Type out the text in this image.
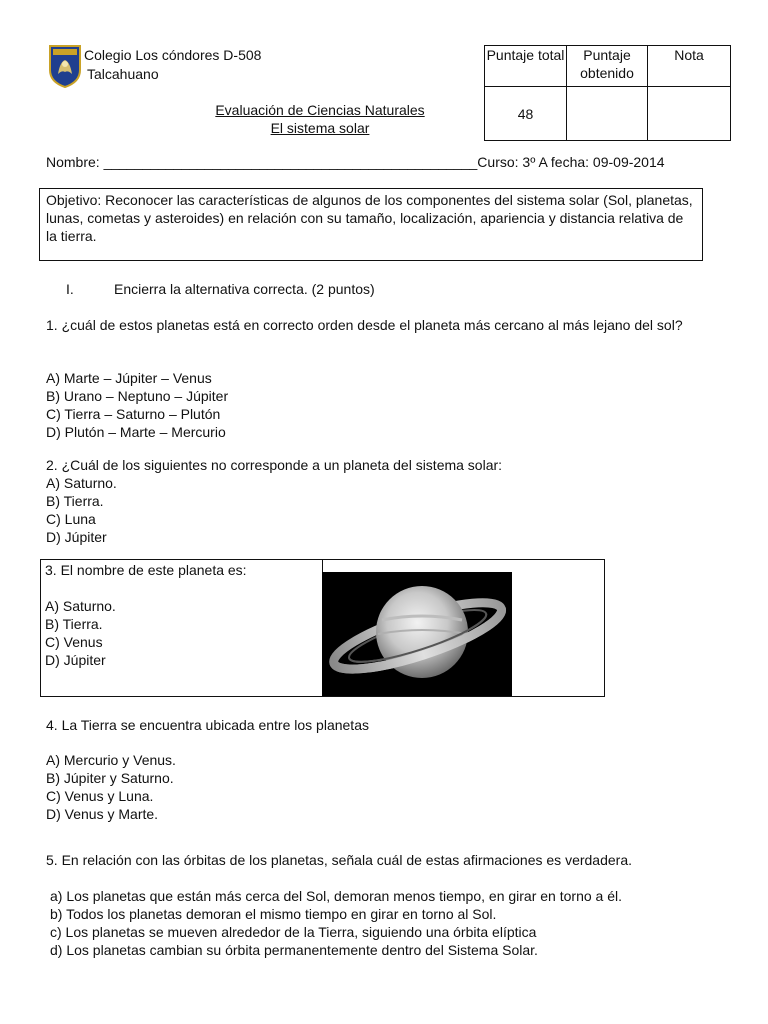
Colegio Los cóndores D-508
Talcahuano
Evaluación de Ciencias Naturales
El sistema solar
Puntaje total	Puntaje obtenido	Nota
48		
Nombre: ________________________________________________Curso: 3º A fecha: 09-09-2014
Objetivo: Reconocer las características de algunos de los componentes del sistema solar (Sol, planetas, lunas, cometas y asteroides) en relación con su tamaño, localización, apariencia y distancia relativa de la tierra.
I.	Encierra la alternativa correcta. (2 puntos)
1. ¿cuál de estos planetas está en correcto orden desde el planeta más cercano al más lejano del sol?
A) Marte – Júpiter – Venus
B) Urano – Neptuno – Júpiter
C) Tierra – Saturno – Plutón
D) Plutón – Marte – Mercurio
2. ¿Cuál de los siguientes no corresponde a un planeta del sistema solar:
A) Saturno.
B) Tierra.
C) Luna
D) Júpiter
3. El nombre de este planeta es:
A) Saturno.
B) Tierra.
C) Venus
D) Júpiter
4. La Tierra se encuentra ubicada entre los planetas
A) Mercurio y Venus.
B) Júpiter y Saturno.
C) Venus y Luna.
D) Venus y Marte.
5. En relación con las órbitas de los planetas, señala cuál de estas afirmaciones es verdadera.
a) Los planetas que están más cerca del Sol, demoran menos tiempo, en girar en torno a él.
b) Todos los planetas demoran el mismo tiempo en girar en torno al Sol.
c) Los planetas se mueven alrededor de la Tierra, siguiendo una órbita elíptica
d) Los planetas cambian su órbita permanentemente dentro del Sistema Solar.
